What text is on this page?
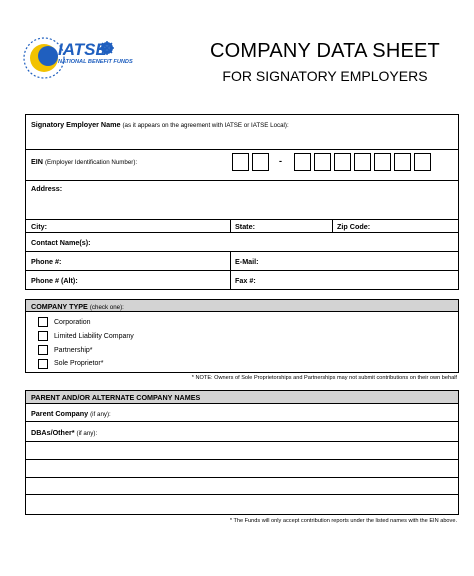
IATSE
NATIONAL BENEFIT FUNDS	COMPANY DATA SHEET
FOR SIGNATORY EMPLOYERS
Signatory Employer Name (as it appears on the agreement with IATSE or IATSE Local):
EIN (Employer Identification Number):	-
Address:
City:	State:	Zip Code:
Contact Name(s):
Phone #:	E-Mail:
Phone # (Alt):	Fax #:
COMPANY TYPE (check one):
Corporation
Limited Liability Company
Partnership*
Sole Proprietor*
* NOTE: Owners of Sole Proprietorships and Partnerships may not submit contributions on their own behalf
PARENT AND/OR ALTERNATE COMPANY NAMES
Parent Company (if any):
DBAs/Other* (if any):
* The Funds will only accept contribution reports under the listed names with the EIN above.
